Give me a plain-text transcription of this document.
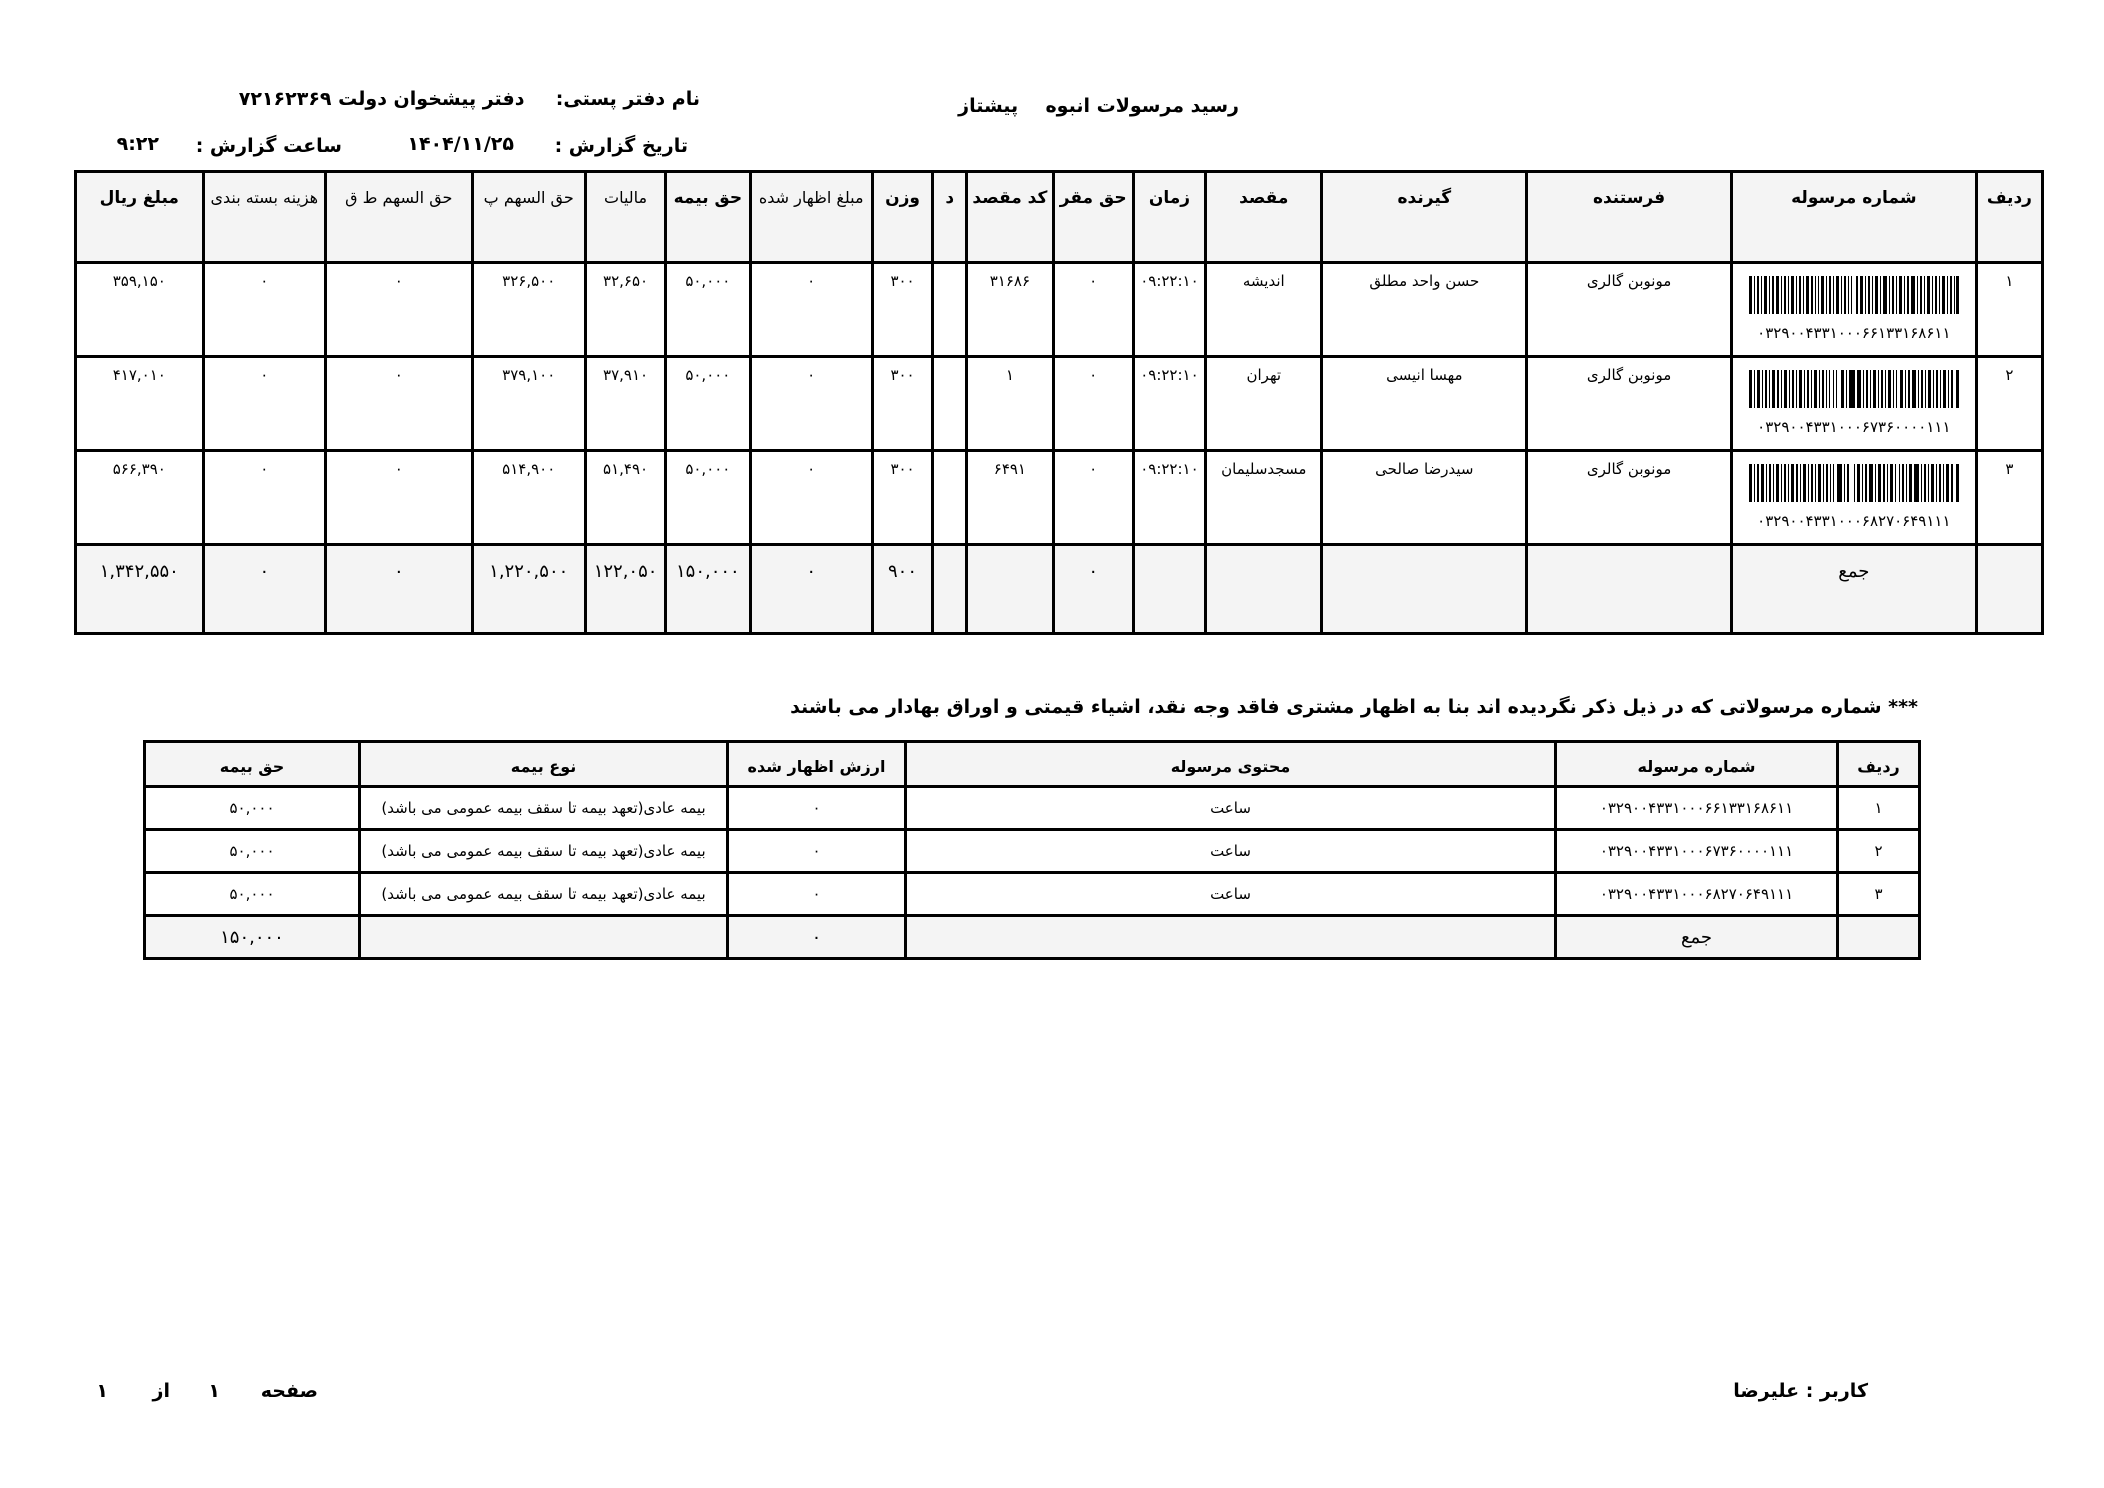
رسید مرسولات انبوه  پیشتاز
نام دفتر پستی:  دفتر پیشخوان دولت ۷۲۱۶۲۳۶۹
تاریخ گزارش :
۱۴۰۴/۱۱/۲۵
ساعت گزارش :
۹:۲۲
ردیف	شماره مرسوله	فرستنده	گیرنده	مقصد	زمان	حق مقر	کد مقصد	د	وزن	مبلغ اظهار شده	حق بیمه	مالیات	حق السهم پ	حق السهم ط ق	هزینه بسته بندی	مبلغ ریال
۱	۰۳۲۹۰۰۴۳۳۱۰۰۰۶۶۱۳۳۱۶۸۶۱۱	مونوبن گالری	حسن واحد مطلق	اندیشه	۰۹:۲۲:۱۰	۰	۳۱۶۸۶		۳۰۰	۰	۵۰,۰۰۰	۳۲,۶۵۰	۳۲۶,۵۰۰	۰	۰	۳۵۹,۱۵۰
۲	۰۳۲۹۰۰۴۳۳۱۰۰۰۶۷۳۶۰۰۰۰۱۱۱	مونوبن گالری	مهسا انیسی	تهران	۰۹:۲۲:۱۰	۰	۱		۳۰۰	۰	۵۰,۰۰۰	۳۷,۹۱۰	۳۷۹,۱۰۰	۰	۰	۴۱۷,۰۱۰
۳	۰۳۲۹۰۰۴۳۳۱۰۰۰۶۸۲۷۰۶۴۹۱۱۱	مونوبن گالری	سیدرضا صالحی	مسجدسلیمان	۰۹:۲۲:۱۰	۰	۶۴۹۱		۳۰۰	۰	۵۰,۰۰۰	۵۱,۴۹۰	۵۱۴,۹۰۰	۰	۰	۵۶۶,۳۹۰
	جمع					۰			۹۰۰	۰	۱۵۰,۰۰۰	۱۲۲,۰۵۰	۱,۲۲۰,۵۰۰	۰	۰	۱,۳۴۲,۵۵۰
*** شماره مرسولاتی که در ذیل ذکر نگردیده اند بنا به اظهار مشتری فاقد وجه نقد، اشیاء قیمتی و اوراق بهادار می باشند
ردیف	شماره مرسوله	محتوی مرسوله	ارزش اظهار شده	نوع بیمه	حق بیمه
۱	۰۳۲۹۰۰۴۳۳۱۰۰۰۶۶۱۳۳۱۶۸۶۱۱	ساعت	۰	بیمه عادی(تعهد بیمه تا سقف بیمه عمومی می باشد)	۵۰,۰۰۰
۲	۰۳۲۹۰۰۴۳۳۱۰۰۰۶۷۳۶۰۰۰۰۱۱۱	ساعت	۰	بیمه عادی(تعهد بیمه تا سقف بیمه عمومی می باشد)	۵۰,۰۰۰
۳	۰۳۲۹۰۰۴۳۳۱۰۰۰۶۸۲۷۰۶۴۹۱۱۱	ساعت	۰	بیمه عادی(تعهد بیمه تا سقف بیمه عمومی می باشد)	۵۰,۰۰۰
	جمع		۰		۱۵۰,۰۰۰
کاربر : علیرضا
صفحه
۱
از
۱
